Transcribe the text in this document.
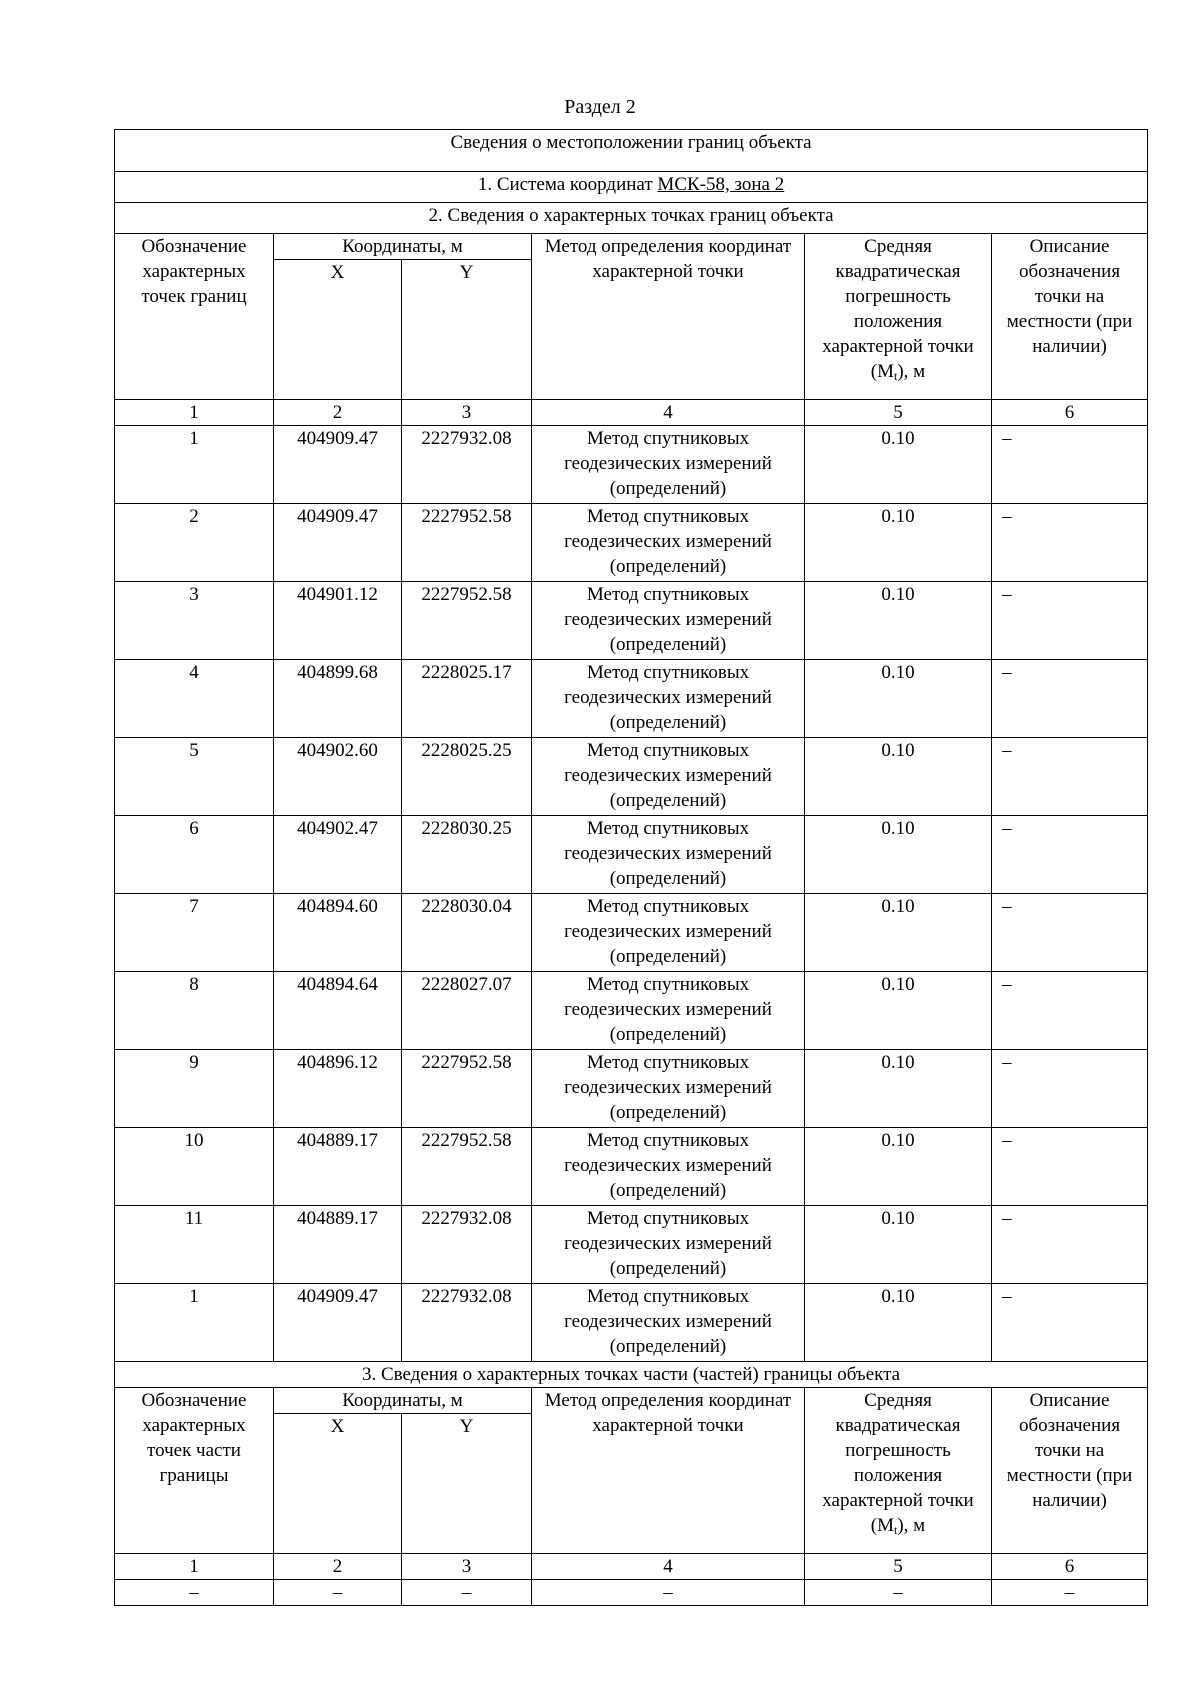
Раздел 2
Сведения о местоположении границ объекта					
1. Система координат МСК-58, зона 2					
2. Сведения о характерных точках границ объекта					
Обозначение характерных точек границ	Координаты, м		Метод определения координат характерной точки	Средняя квадратическая погрешность положения характерной точки $(M_t)$, м	Описание обозначения точки на местности (при наличии)
	X	Y			
1	2	3	4	5	6
1	404909.47	2227932.08	Метод спутниковых геодезических измерений (определений)	0.10	–
2	404909.47	2227952.58	Метод спутниковых геодезических измерений (определений)	0.10	–
3	404901.12	2227952.58	Метод спутниковых геодезических измерений (определений)	0.10	–
4	404899.68	2228025.17	Метод спутниковых геодезических измерений (определений)	0.10	–
5	404902.60	2228025.25	Метод спутниковых геодезических измерений (определений)	0.10	–
6	404902.47	2228030.25	Метод спутниковых геодезических измерений (определений)	0.10	–
7	404894.60	2228030.04	Метод спутниковых геодезических измерений (определений)	0.10	–
8	404894.64	2228027.07	Метод спутниковых геодезических измерений (определений)	0.10	–
9	404896.12	2227952.58	Метод спутниковых геодезических измерений (определений)	0.10	–
10	404889.17	2227952.58	Метод спутниковых геодезических измерений (определений)	0.10	–
11	404889.17	2227932.08	Метод спутниковых геодезических измерений (определений)	0.10	–
1	404909.47	2227932.08	Метод спутниковых геодезических измерений (определений)	0.10	–
3. Сведения о характерных точках части (частей) границы объекта					
Обозначение характерных точек части границы	Координаты, м		Метод определения координат характерной точки	Средняя квадратическая погрешность положения характерной точки $(M_t)$, м	Описание обозначения точки на местности (при наличии)
	X	Y			
1	2	3	4	5	6
–	–	–	–	–	–
